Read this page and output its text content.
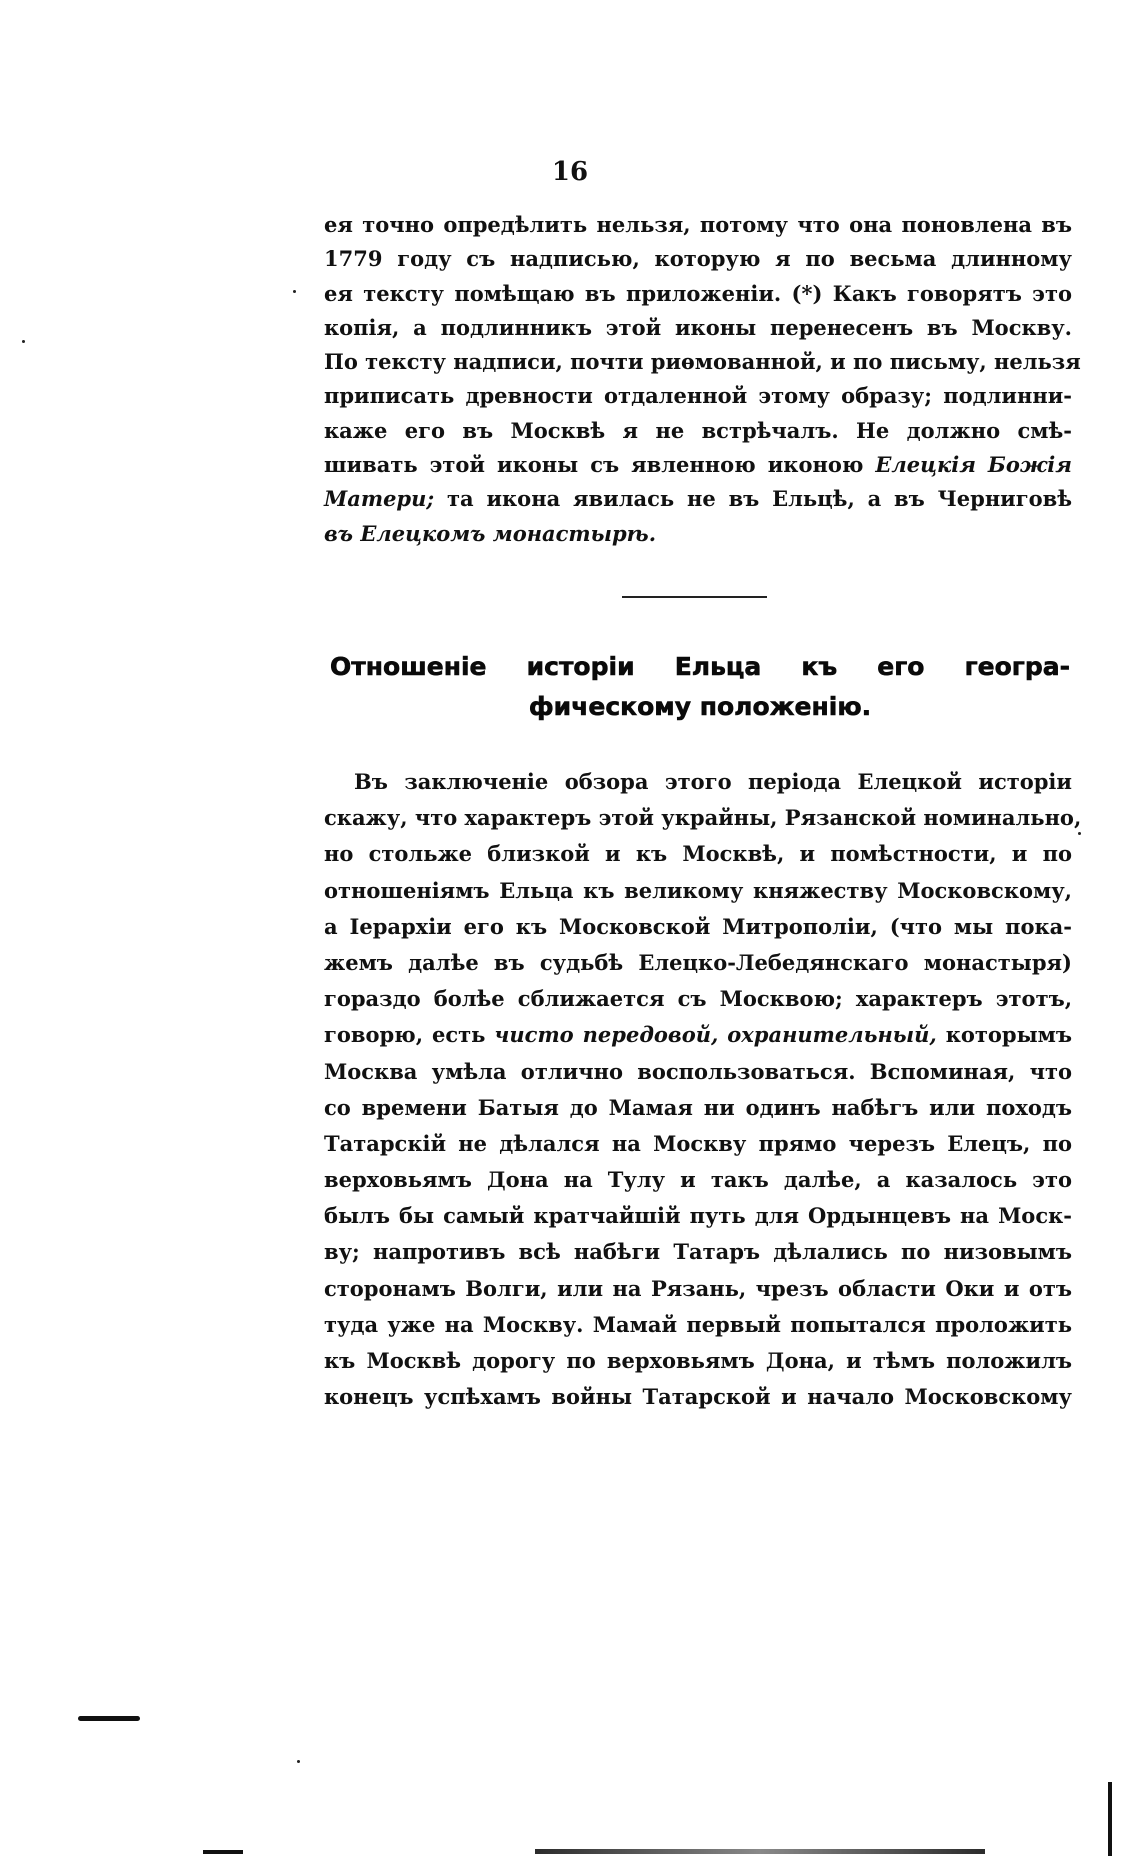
16
ея точно опредѣлить нельзя, потому что она поновлена въ
1779 году съ надписью, которую я по весьма длинному
ея тексту помѣщаю въ приложеніи. (*) Какъ говорятъ это
копія, а подлинникъ этой иконы перенесенъ въ Москву.
По тексту надписи, почти риѳмованной, и по письму, нельзя
приписать древности отдаленной этому образу; подлинни-
каже его въ Москвѣ я не встрѣчалъ. Не должно смѣ-
шивать этой иконы съ явленною иконою Елецкія Божія
Матери; та икона явилась не въ Ельцѣ, а въ Черниговѣ
въ Елецкомъ монастырѣ.
Отношеніе исторіи Ельца къ его геогра-
фическому положенію.
Въ заключеніе обзора этого періода Елецкой исторіи
скажу, что характеръ этой украйны, Рязанской номинально,
но стольже близкой и къ Москвѣ, и помѣстности, и по
отношеніямъ Ельца къ великому княжеству Московскому,
а Іерархіи его къ Московской Митрополіи, (что мы пока-
жемъ далѣе въ судьбѣ Елецко-Лебедянскаго монастыря)
гораздо болѣе сближается съ Москвою; характеръ этотъ,
говорю, есть чисто передовой, охранительный, которымъ
Москва умѣла отлично воспользоваться. Вспоминая, что
со времени Батыя до Мамая ни одинъ набѣгъ или походъ
Татарскій не дѣлался на Москву прямо черезъ Елецъ, по
верховьямъ Дона на Тулу и такъ далѣе, а казалось это
былъ бы самый кратчайшій путь для Ордынцевъ на Моск-
ву; напротивъ всѣ набѣги Татаръ дѣлались по низовымъ
сторонамъ Волги, или на Рязань, чрезъ области Оки и отъ
туда уже на Москву. Мамай первый попытался проложить
къ Москвѣ дорогу по верховьямъ Дона, и тѣмъ положилъ
конецъ успѣхамъ войны Татарской и начало Московскому
